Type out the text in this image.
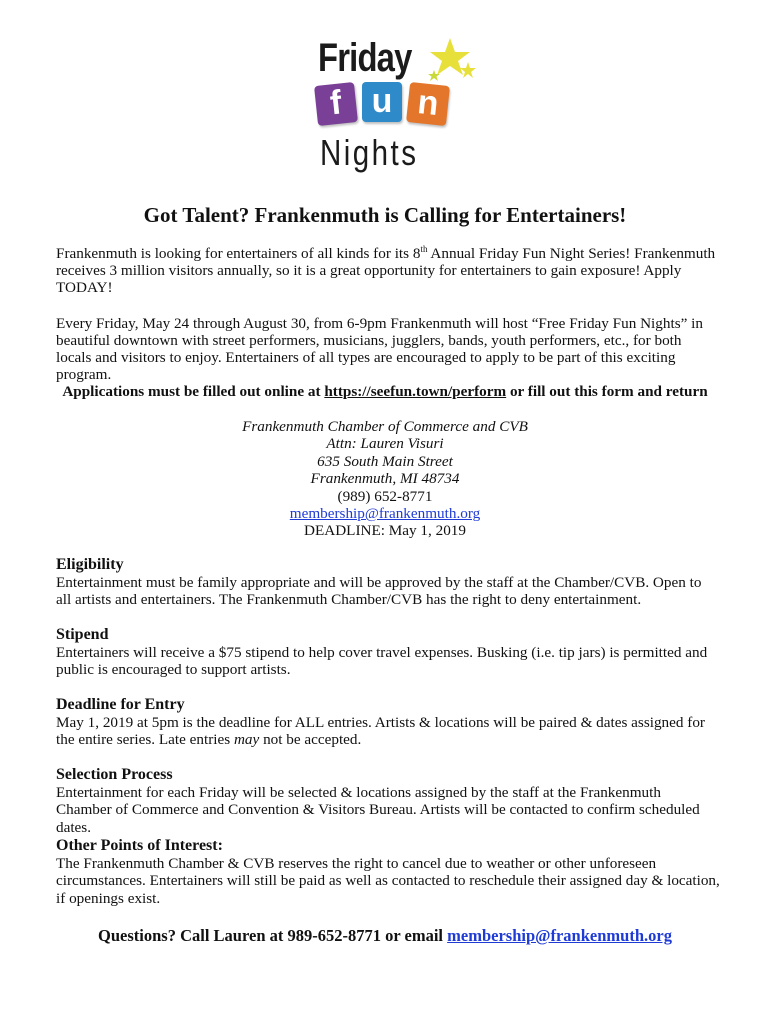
Friday
f u n
Nights
Got Talent? Frankenmuth is Calling for Entertainers!
Frankenmuth is looking for entertainers of all kinds for its 8th Annual Friday Fun Night Series! Frankenmuth receives 3 million visitors annually, so it is a great opportunity for entertainers to gain exposure! Apply TODAY!
Every Friday, May 24 through August 30, from 6-9pm Frankenmuth will host “Free Friday Fun Nights” in beautiful downtown with street performers, musicians, jugglers, bands, youth performers, etc., for both locals and visitors to enjoy. Entertainers of all types are encouraged to apply to be part of this exciting program.
Applications must be filled out online at https://seefun.town/perform or fill out this form and return
Frankenmuth Chamber of Commerce and CVB
Attn: Lauren Visuri
635 South Main Street
Frankenmuth, MI 48734
(989) 652-8771
membership@frankenmuth.org
DEADLINE: May 1, 2019
Eligibility

Entertainment must be family appropriate and will be approved by the staff at the Chamber/CVB. Open to all artists and entertainers. The Frankenmuth Chamber/CVB has the right to deny entertainment.

Stipend

Entertainers will receive a $75 stipend to help cover travel expenses. Busking (i.e. tip jars) is permitted and public is encouraged to support artists.

Deadline for Entry

May 1, 2019 at 5pm is the deadline for ALL entries. Artists & locations will be paired & dates assigned for the entire series. Late entries may not be accepted.

Selection Process

Entertainment for each Friday will be selected & locations assigned by the staff at the Frankenmuth Chamber of Commerce and Convention & Visitors Bureau. Artists will be contacted to confirm scheduled dates.

Other Points of Interest:

The Frankenmuth Chamber & CVB reserves the right to cancel due to weather or other unforeseen circumstances. Entertainers will still be paid as well as contacted to reschedule their assigned day & location, if openings exist.

Questions? Call Lauren at 989-652-8771 or email membership@frankenmuth.org
